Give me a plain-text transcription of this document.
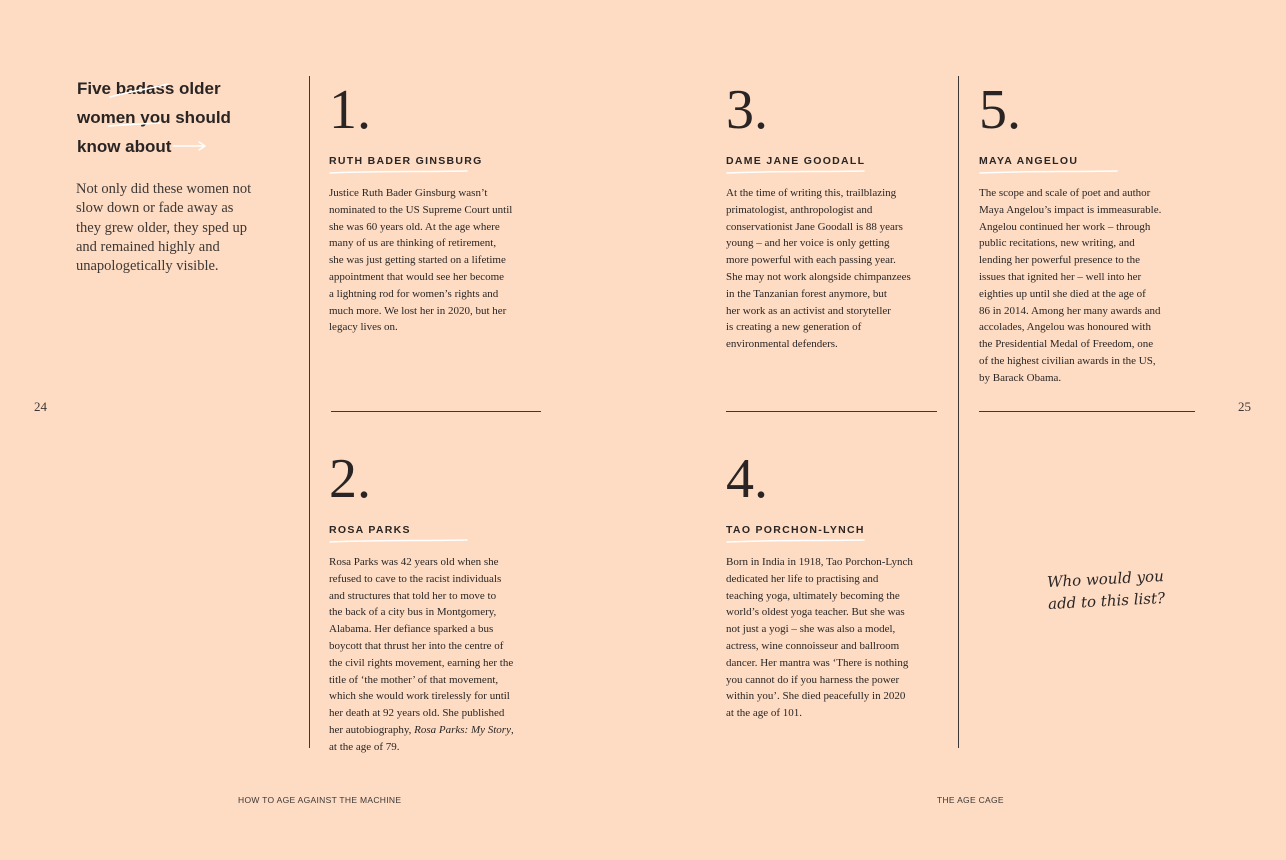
Five badass older
women you should
know about
Not only did these women not slow down or fade away as they grew older, they sped up and remained highly and unapologetically visible.
24	25
1.
RUTH BADER GINSBURG
Justice Ruth Bader Ginsburg wasn’t
nominated to the US Supreme Court until
she was 60 years old. At the age where
many of us are thinking of retirement,
she was just getting started on a lifetime
appointment that would see her become
a lightning rod for women’s rights and
much more. We lost her in 2020, but her
legacy lives on.
2.
ROSA PARKS
Rosa Parks was 42 years old when she
refused to cave to the racist individuals
and structures that told her to move to
the back of a city bus in Montgomery,
Alabama. Her defiance sparked a bus
boycott that thrust her into the centre of
the civil rights movement, earning her the
title of ‘the mother’ of that movement,
which she would work tirelessly for until
her death at 92 years old. She published
her autobiography, Rosa Parks: My Story,
at the age of 79.
3.
DAME JANE GOODALL
At the time of writing this, trailblazing
primatologist, anthropologist and
conservationist Jane Goodall is 88 years
young – and her voice is only getting
more powerful with each passing year.
She may not work alongside chimpanzees
in the Tanzanian forest anymore, but
her work as an activist and storyteller
is creating a new generation of
environmental defenders.
4.
TAO PORCHON-LYNCH
Born in India in 1918, Tao Porchon-Lynch
dedicated her life to practising and
teaching yoga, ultimately becoming the
world’s oldest yoga teacher. But she was
not just a yogi – she was also a model,
actress, wine connoisseur and ballroom
dancer. Her mantra was ‘There is nothing
you cannot do if you harness the power
within you’. She died peacefully in 2020
at the age of 101.
5.
MAYA ANGELOU
The scope and scale of poet and author
Maya Angelou’s impact is immeasurable.
Angelou continued her work – through
public recitations, new writing, and
lending her powerful presence to the
issues that ignited her – well into her
eighties up until she died at the age of
86 in 2014. Among her many awards and
accolades, Angelou was honoured with
the Presidential Medal of Freedom, one
of the highest civilian awards in the US,
by Barack Obama.
Who would you
add to this list?
HOW TO AGE AGAINST THE MACHINE	THE AGE CAGE
